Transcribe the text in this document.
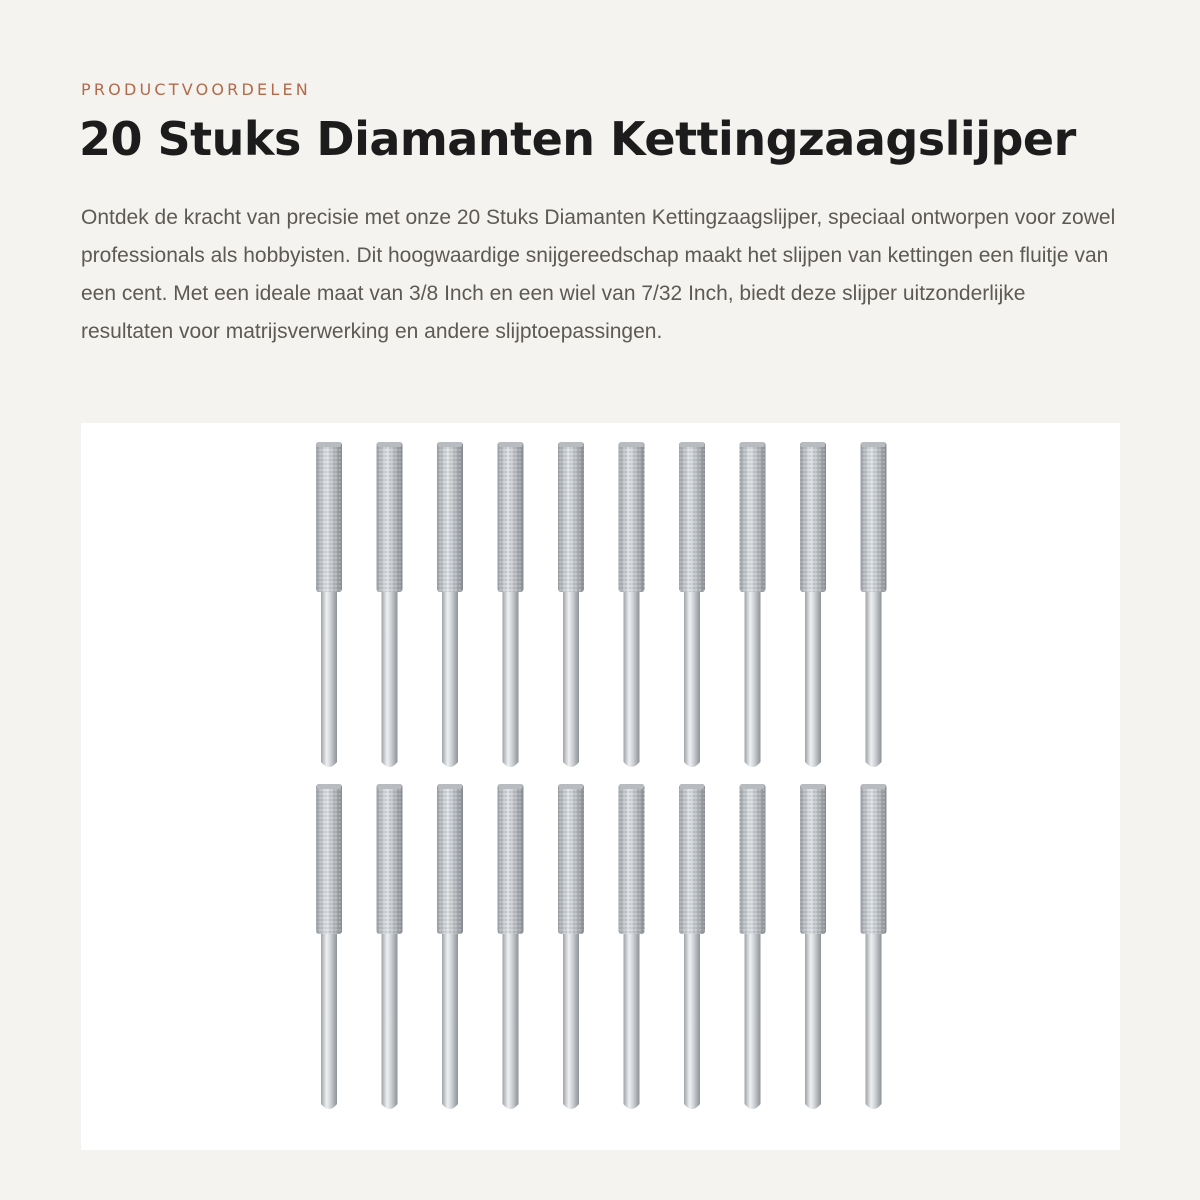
PRODUCTVOORDELEN
20 Stuks Diamanten Kettingzaagslijper

Ontdek de kracht van precisie met onze 20 Stuks Diamanten Kettingzaagslijper, speciaal ontworpen voor zowel professionals als hobbyisten. Dit hoogwaardige snijgereedschap maakt het slijpen van kettingen een fluitje van een cent. Met een ideale maat van 3/8 Inch en een wiel van 7/32 Inch, biedt deze slijper uitzonderlijke resultaten voor matrijsverwerking en andere slijptoepassingen.
